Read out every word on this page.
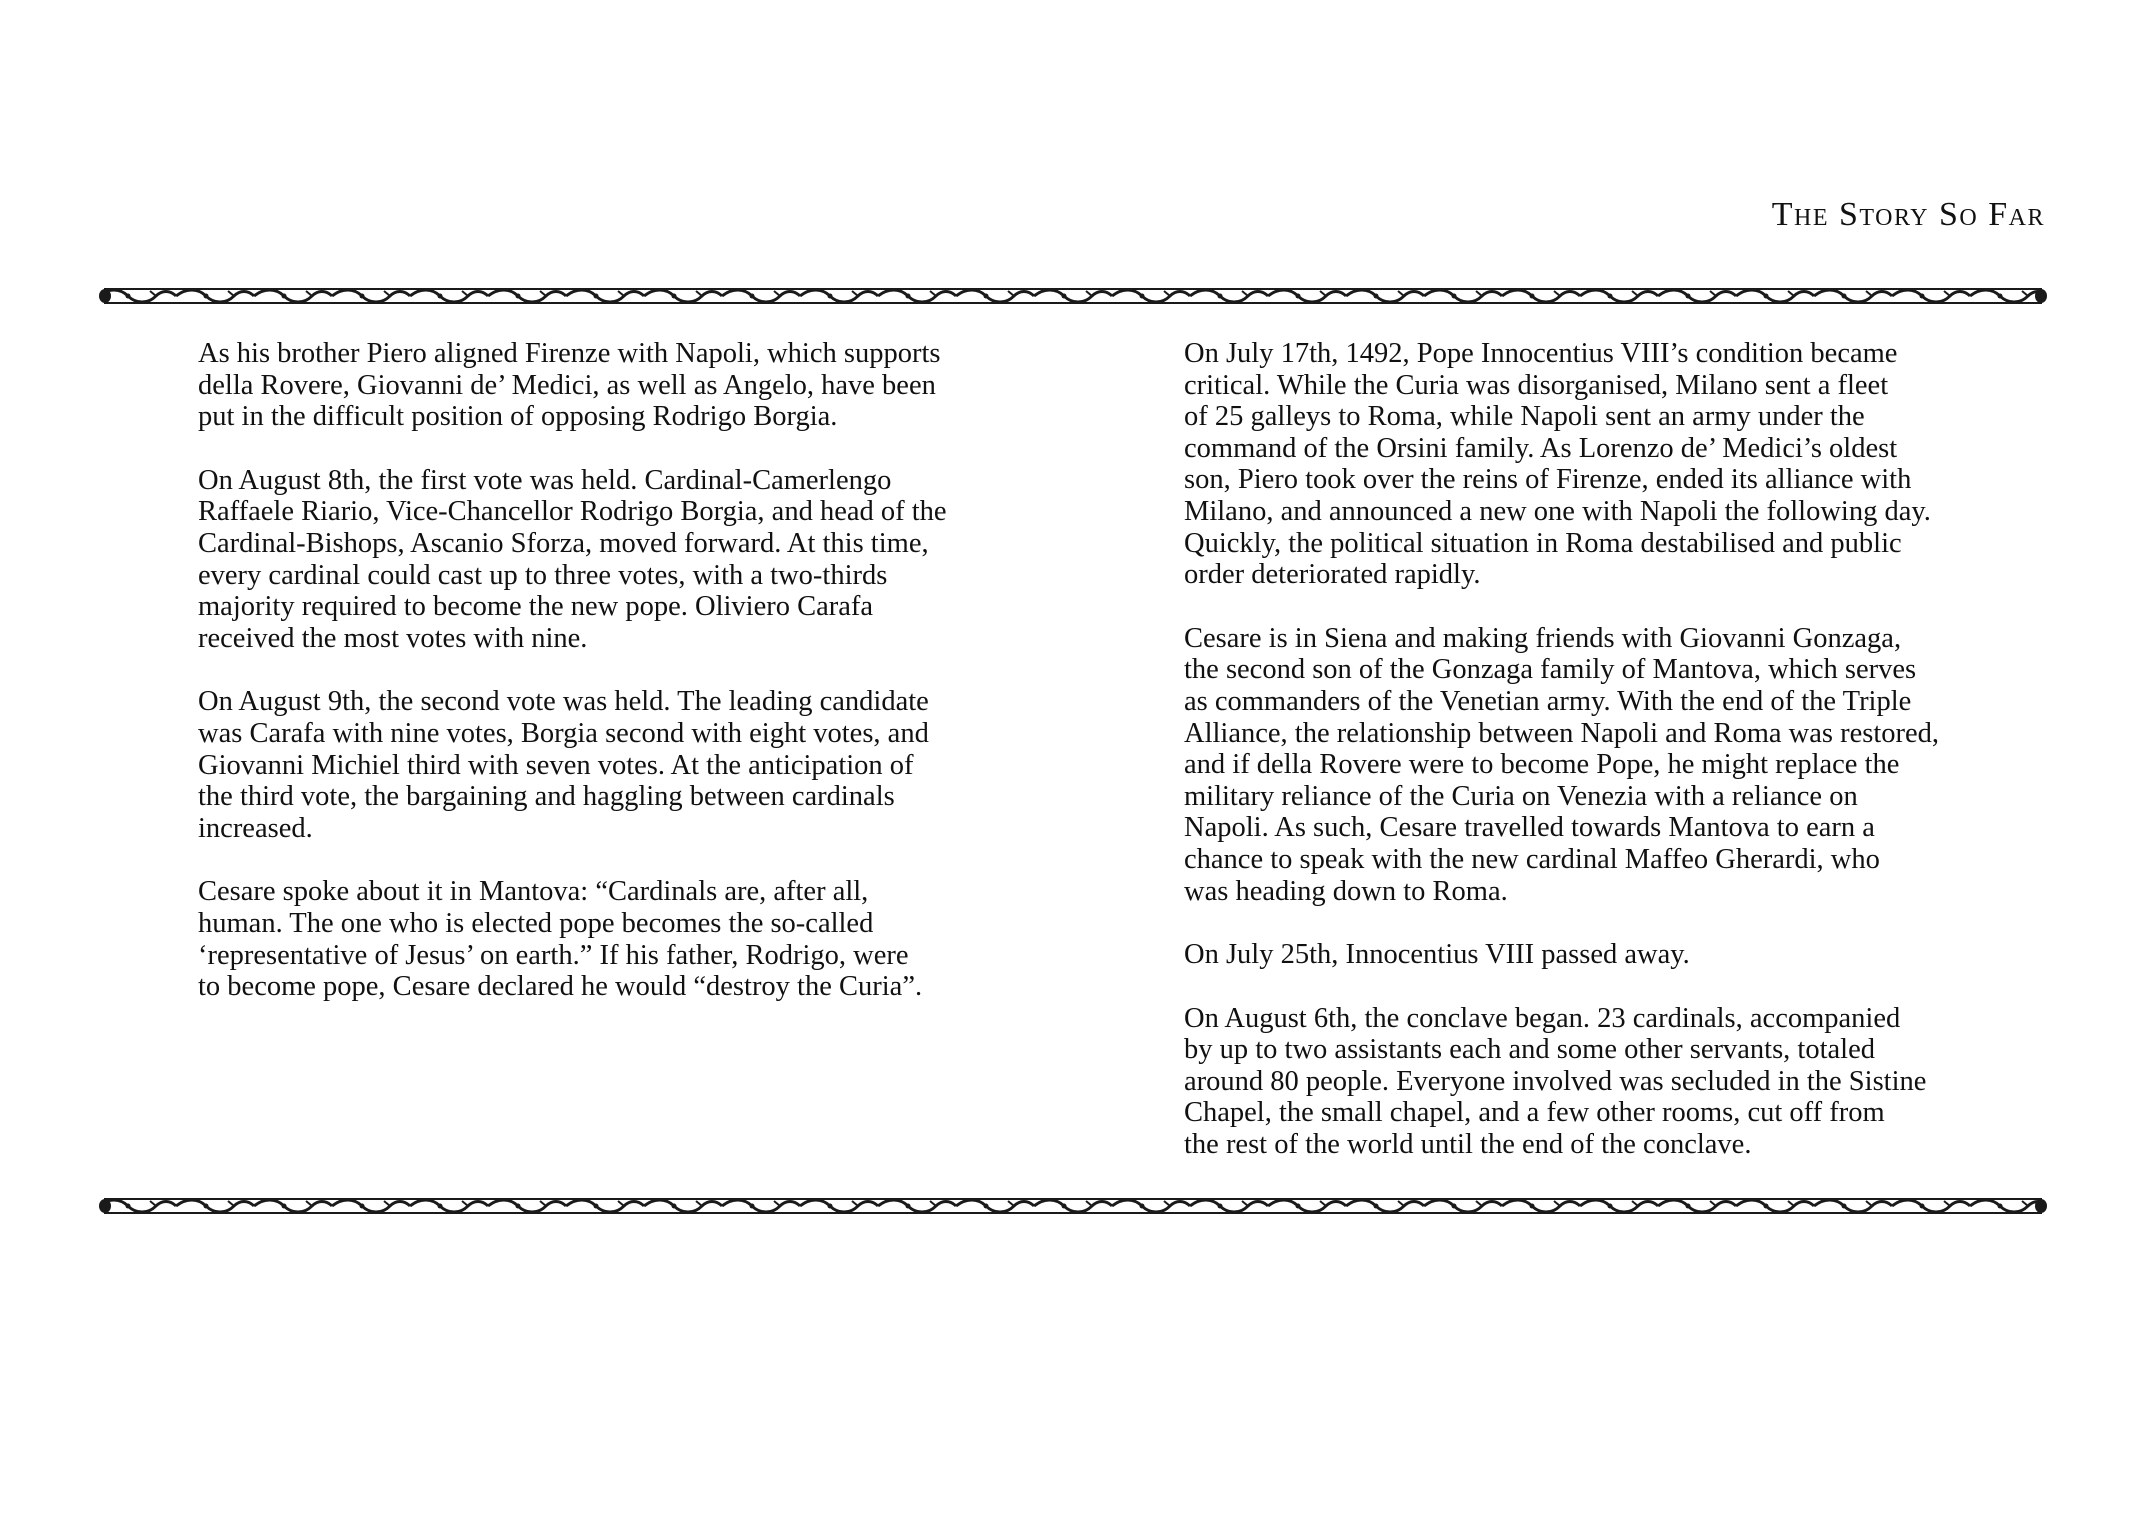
The Story So Far

As his brother Piero aligned Firenze with Napoli, which supports
della Rovere, Giovanni de’ Medici, as well as Angelo, have been
put in the difficult position of opposing Rodrigo Borgia.

On August 8th, the first vote was held. Cardinal-Camerlengo
Raffaele Riario, Vice-Chancellor Rodrigo Borgia, and head of the
Cardinal-Bishops, Ascanio Sforza, moved forward. At this time,
every cardinal could cast up to three votes, with a two-thirds
majority required to become the new pope. Oliviero Carafa
received the most votes with nine.

On August 9th, the second vote was held. The leading candidate
was Carafa with nine votes, Borgia second with eight votes, and
Giovanni Michiel third with seven votes. At the anticipation of
the third vote, the bargaining and haggling between cardinals
increased.

Cesare spoke about it in Mantova: “Cardinals are, after all,
human. The one who is elected pope becomes the so-called
‘representative of Jesus’ on earth.” If his father, Rodrigo, were
to become pope, Cesare declared he would “destroy the Curia”.

On July 17th, 1492, Pope Innocentius VIII’s condition became
critical. While the Curia was disorganised, Milano sent a fleet
of 25 galleys to Roma, while Napoli sent an army under the
command of the Orsini family. As Lorenzo de’ Medici’s oldest
son, Piero took over the reins of Firenze, ended its alliance with
Milano, and announced a new one with Napoli the following day.
Quickly, the political situation in Roma destabilised and public
order deteriorated rapidly.

Cesare is in Siena and making friends with Giovanni Gonzaga,
the second son of the Gonzaga family of Mantova, which serves
as commanders of the Venetian army. With the end of the Triple
Alliance, the relationship between Napoli and Roma was restored,
and if della Rovere were to become Pope, he might replace the
military reliance of the Curia on Venezia with a reliance on
Napoli. As such, Cesare travelled towards Mantova to earn a
chance to speak with the new cardinal Maffeo Gherardi, who
was heading down to Roma.

On July 25th, Innocentius VIII passed away.

On August 6th, the conclave began. 23 cardinals, accompanied
by up to two assistants each and some other servants, totaled
around 80 people. Everyone involved was secluded in the Sistine
Chapel, the small chapel, and a few other rooms, cut off from
the rest of the world until the end of the conclave.
